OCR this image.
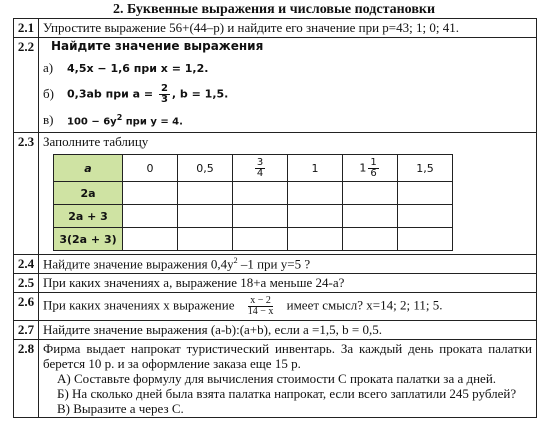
2. Буквенные выражения и числовые подстановки
2.1	Упростите выражение 56+(44–p) и найдите его значение при p=43; 1; 0; 41.
2.2	Найдите значение выражения
а)	4,5x − 1,6 при x = 1,2.
б) 0,3ab при $a = \frac{2}{3}$ , b = 1,5.
в)	$100 - 6y^2$ при y = 4.

2.3	Заполните таблицу
a	0	0,5	$\frac{3}{4}$	1	$1 \frac{1}{6}$	1,5
2a						
2a + 3						
3(2a + 3)						

2.4	Найдите значение выражения $0,4y^2$ –1 при y=5 ?
2.5	При каких значениях a, выражение 18+a меньше 24-a?
2.6	При каких значениях x выражение $\frac{x - 2}{14 - x}$ имеет смысл? x=14; 2; 11; 5.
2.7	Найдите значение выражения (a-b):(a+b), если a =1,5, b = 0,5.
2.8	Фирма выдает напрокат туристический инвентарь. За каждый день проката палатки берется 10 р. и за оформление заказа еще 15 р.

А) Составьте формулу для вычисления стоимости C проката палатки за a дней.

Б) На сколько дней была взята палатка напрокат, если всего заплатили 245 рублей?

В) Выразите a через C.
